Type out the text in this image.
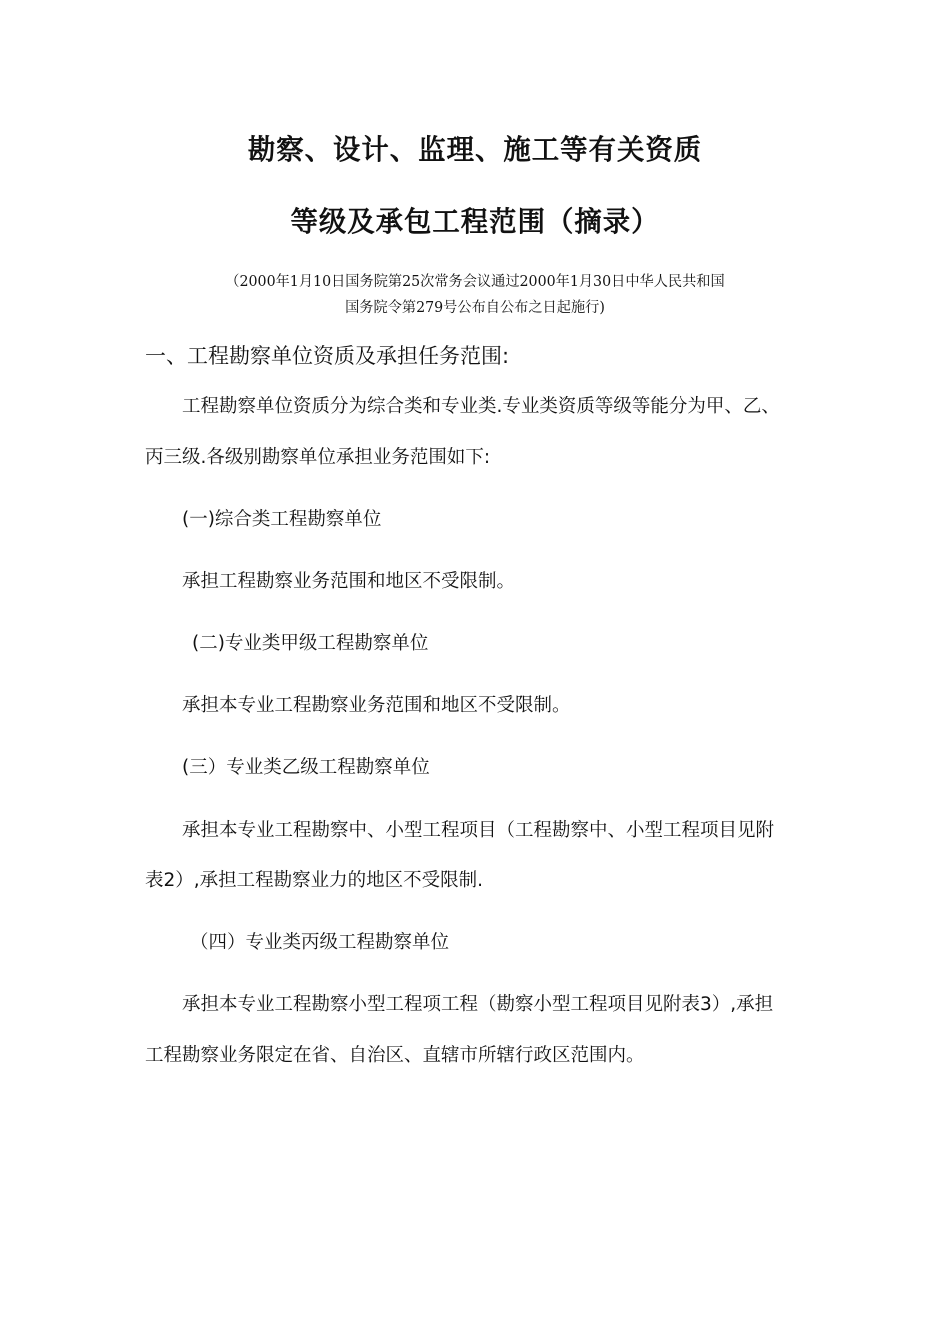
勘察、设计、监理、施工等有关资质
等级及承包工程范围（摘录）
（2000年1月10日国务院第25次常务会议通过2000年1月30日中华人民共和国
国务院令第279号公布自公布之日起施行)
一、工程勘察单位资质及承担任务范围:
工程勘察单位资质分为综合类和专业类.专业类资质等级等能分为甲、乙、
丙三级.各级别勘察单位承担业务范围如下:
(一)综合类工程勘察单位
承担工程勘察业务范围和地区不受限制。
(二)专业类甲级工程勘察单位
承担本专业工程勘察业务范围和地区不受限制。
(三）专业类乙级工程勘察单位
承担本专业工程勘察中、小型工程项目（工程勘察中、小型工程项目见附
表2）,承担工程勘察业力的地区不受限制.
（四）专业类丙级工程勘察单位
承担本专业工程勘察小型工程项工程（勘察小型工程项目见附表3）,承担
工程勘察业务限定在省、自治区、直辖市所辖行政区范围内。
